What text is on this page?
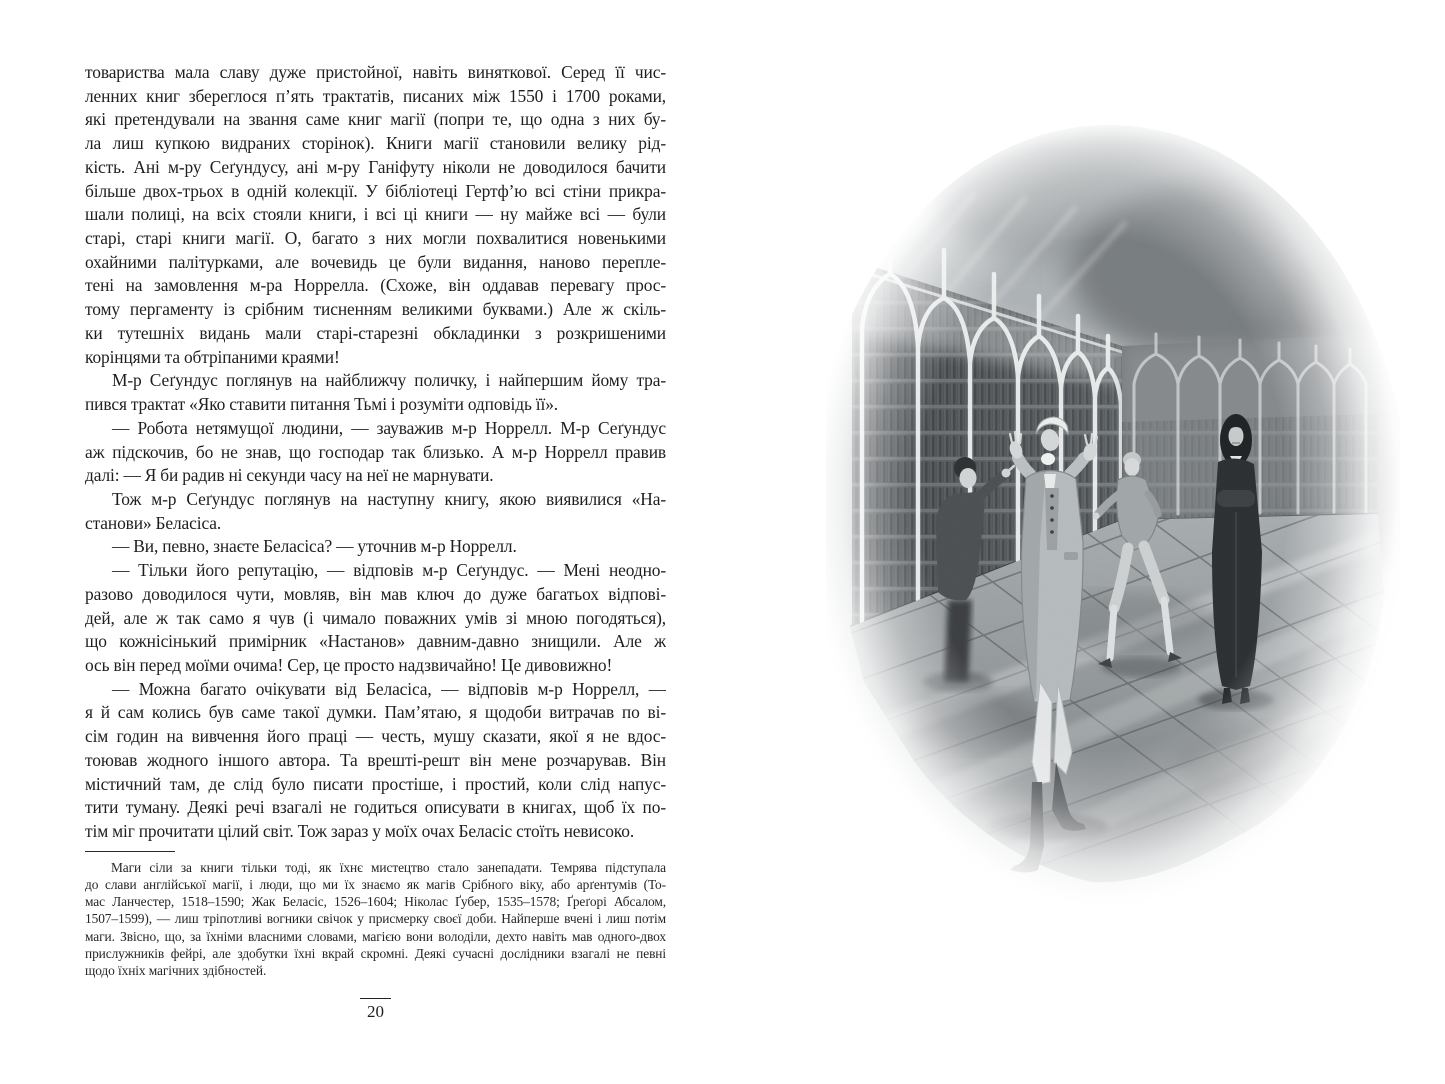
товариства мала славу дуже пристойної, навіть виняткової. Серед її чис-
ленних книг збереглося п’ять трактатів, писаних між 1550 і 1700 роками,
які претендували на звання саме книг магії (попри те, що одна з них бу-
ла лиш купкою видраних сторінок). Книги магії становили велику рід-
кість. Ані м-ру Сеґундусу, ані м-ру Ганіфуту ніколи не доводилося бачити
більше двох-трьох в одній колекції. У бібліотеці Гертф’ю всі стіни прикра-
шали полиці, на всіх стояли книги, і всі ці книги — ну майже всі — були
старі, старі книги магії. О, багато з них могли похвалитися новенькими
охайними палітурками, але вочевидь це були видання, наново перепле-
тені на замовлення м-ра Норрелла. (Схоже, він оддавав перевагу прос-
тому пергаменту із срібним тисненням великими буквами.) Але ж скіль-
ки тутешніх видань мали старі-старезні обкладинки з розкришеними
корінцями та обтріпаними краями!
М-р Сеґундус поглянув на найближчу поличку, і найпершим йому тра-
пився трактат «Яко ставити питання Тьмі і розуміти одповідь її».
— Робота нетямущої людини, — зауважив м-р Норрелл. М-р Сеґундус
аж підскочив, бо не знав, що господар так близько. А м-р Норрелл правив
далі: — Я би радив ні секунди часу на неї не марнувати.
Тож м-р Сеґундус поглянув на наступну книгу, якою виявилися «На-
станови» Беласіса.
— Ви, певно, знаєте Беласіса? — уточнив м-р Норрелл.
— Тільки його репутацію, — відповів м-р Сеґундус. — Мені неодно-
разово доводилося чути, мовляв, він мав ключ до дуже багатьох відпові-
дей, але ж так само я чув (і чимало поважних умів зі мною погодяться),
що кожнісінький примірник «Настанов» давним-давно знищили. Але ж
ось він перед моїми очима! Сер, це просто надзвичайно! Це дивовижно!
— Можна багато очікувати від Беласіса, — відповів м-р Норрелл, —
я й сам колись був саме такої думки. Пам’ятаю, я щодоби витрачав по ві-
сім годин на вивчення його праці — честь, мушу сказати, якої я не вдос-
тоював жодного іншого автора. Та врешті-решт він мене розчарував. Він
містичний там, де слід було писати простіше, і простий, коли слід напус-
тити туману. Деякі речі взагалі не годиться описувати в книгах, щоб їх по-
тім міг прочитати цілий світ. Тож зараз у моїх очах Беласіс стоїть невисоко.
Маги сіли за книги тільки тоді, як їхнє мистецтво стало занепадати. Темрява підступала
до слави англійської магії, і люди, що ми їх знаємо як магів Срібного віку, або арґентумів (То-
мас Ланчестер, 1518–1590; Жак Беласіс, 1526–1604; Ніколас Ґубер, 1535–1578; Ґреґорі Абсалом,
1507–1599), — лиш тріпотливі вогники свічок у присмерку своєї доби. Найперше вчені і лиш потім
маги. Звісно, що, за їхніми власними словами, магією вони володіли, дехто навіть мав одного-двох
прислужників фейрі, але здобутки їхні вкрай скромні. Деякі сучасні дослідники взагалі не певні
щодо їхніх магічних здібностей.
20
